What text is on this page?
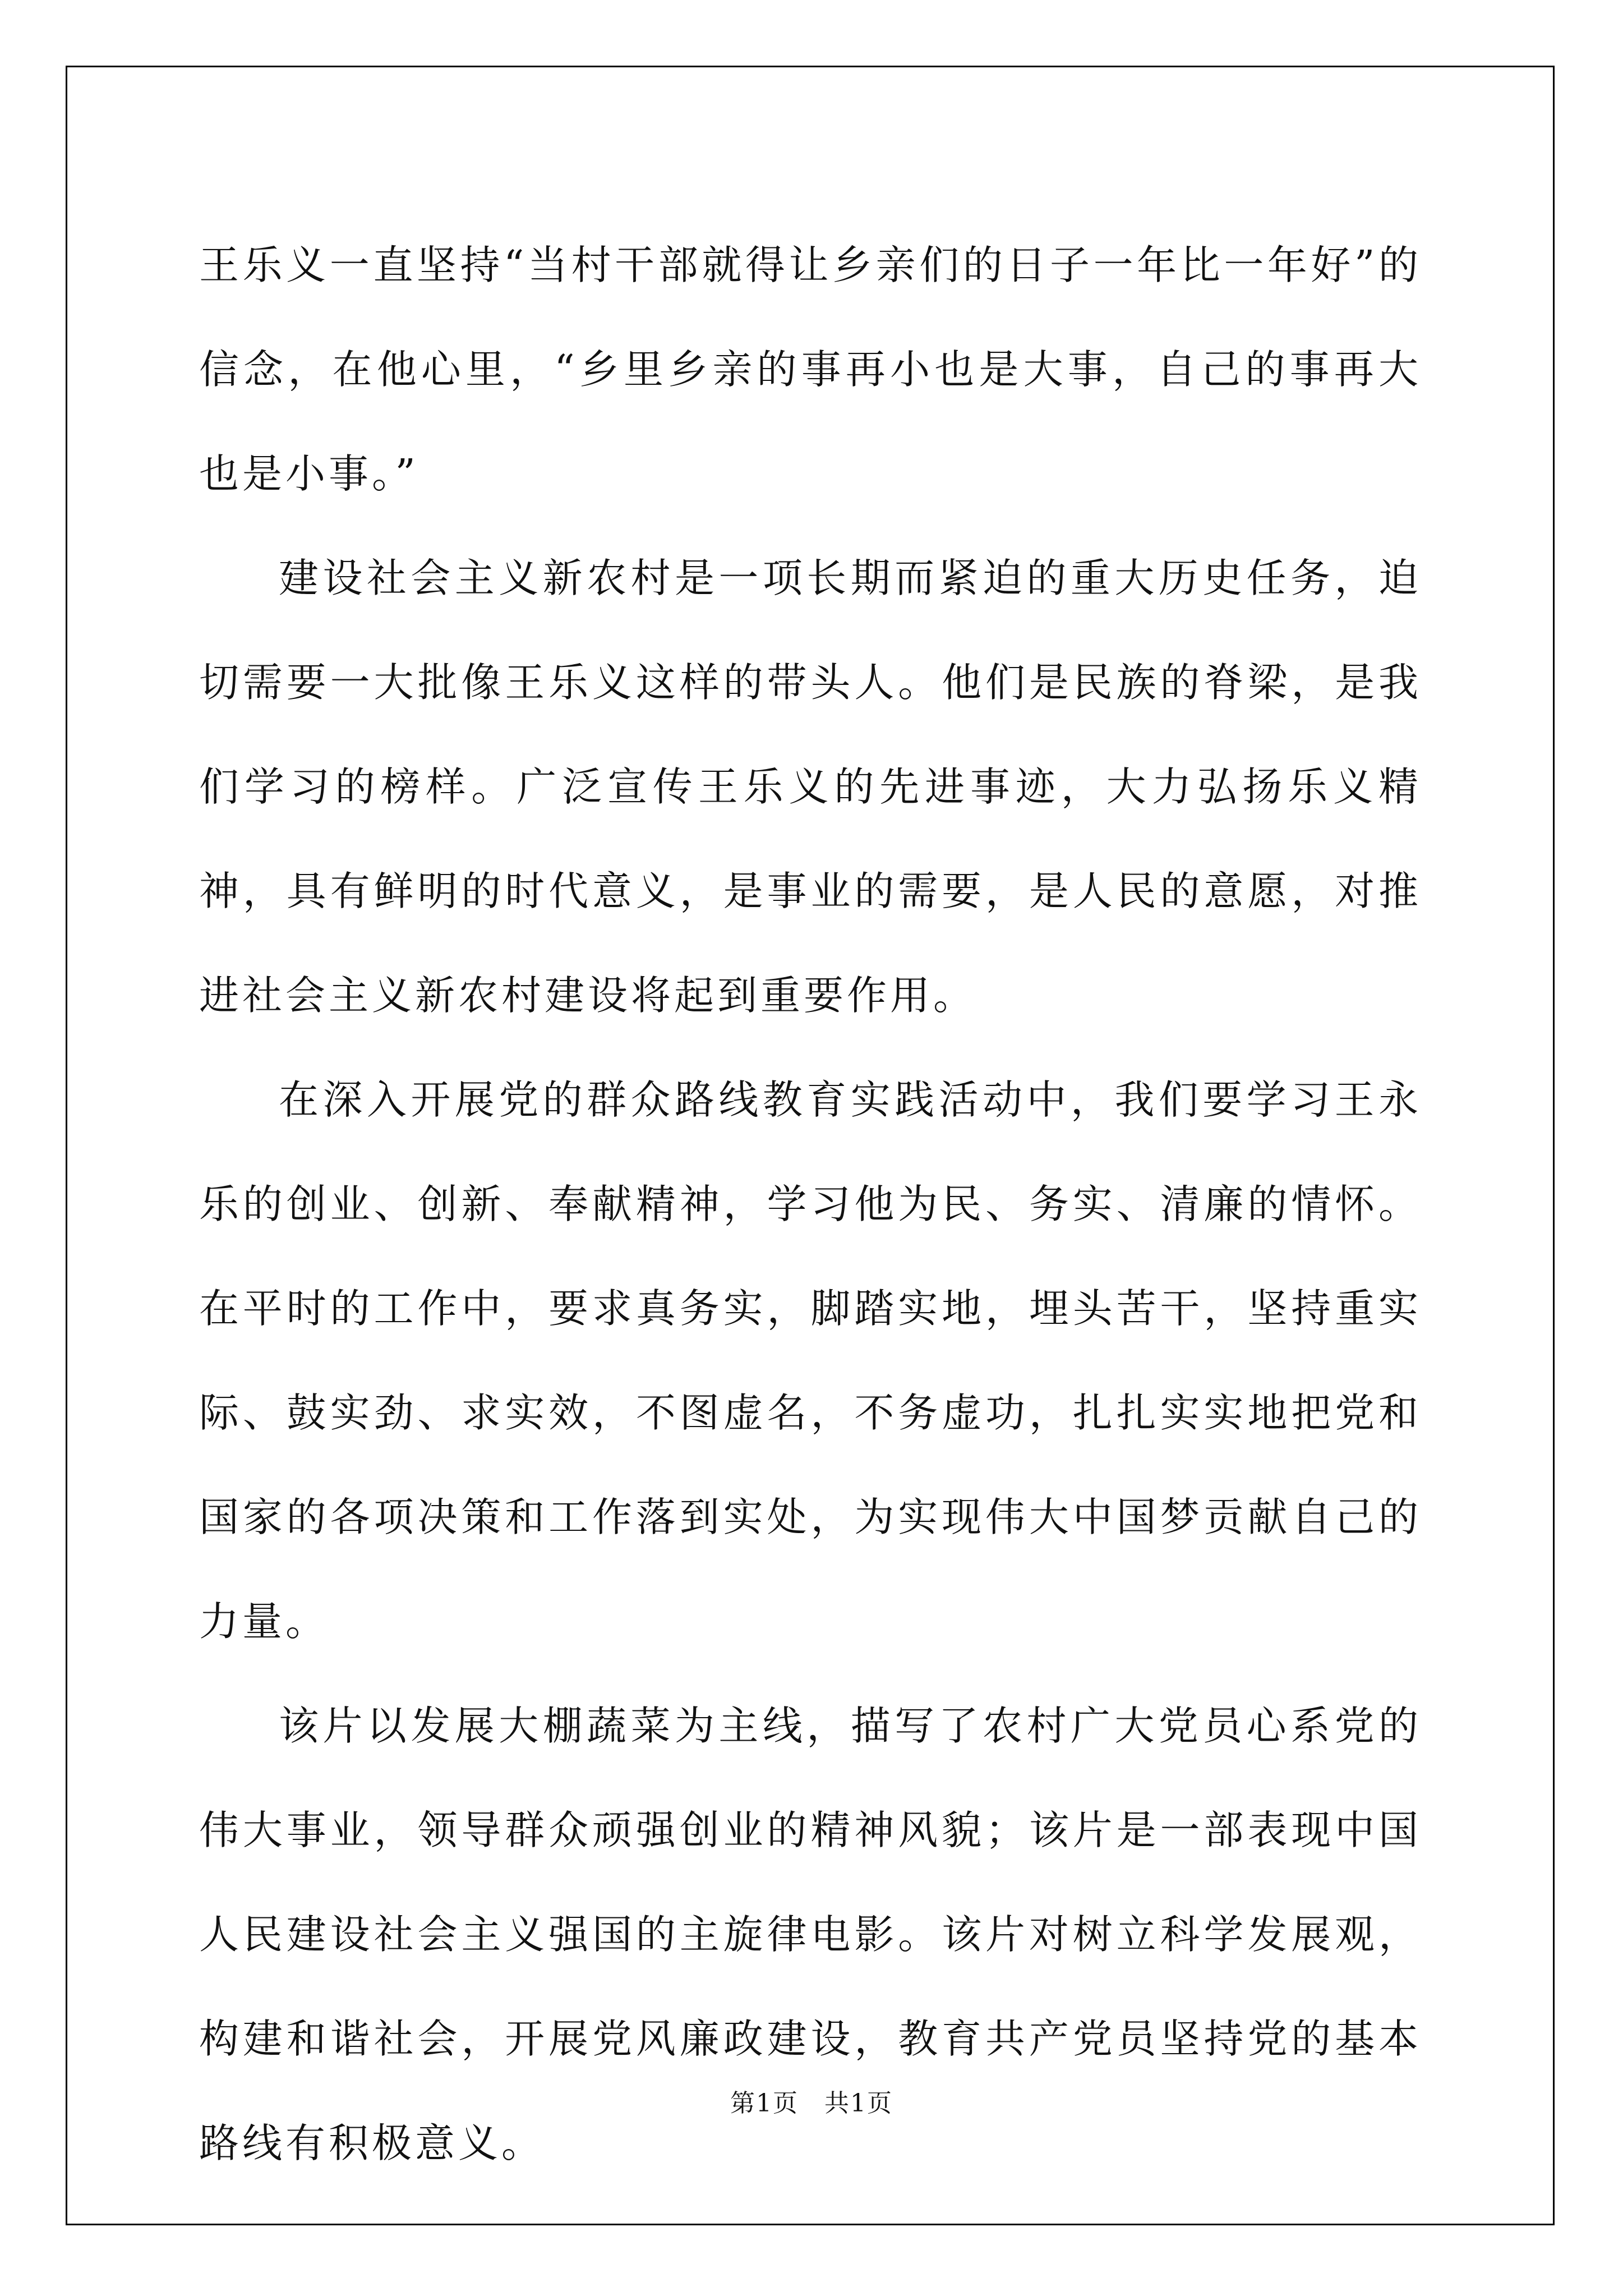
王乐义一直坚持“当村干部就得让乡亲们的日子一年比一年好”的信念，在他心里，“乡里乡亲的事再小也是大事，自己的事再大也是小事。”

建设社会主义新农村是一项长期而紧迫的重大历史任务，迫切需要一大批像王乐义这样的带头人。他们是民族的脊梁，是我们学习的榜样。广泛宣传王乐义的先进事迹，大力弘扬乐义精神，具有鲜明的时代意义，是事业的需要，是人民的意愿，对推进社会主义新农村建设将起到重要作用。

在深入开展党的群众路线教育实践活动中，我们要学习王永乐的创业、创新、奉献精神，学习他为民、务实、清廉的情怀。在平时的工作中，要求真务实，脚踏实地，埋头苦干，坚持重实际、鼓实劲、求实效，不图虚名，不务虚功，扎扎实实地把党和国家的各项决策和工作落到实处，为实现伟大中国梦贡献自己的力量。

该片以发展大棚蔬菜为主线，描写了农村广大党员心系党的伟大事业，领导群众顽强创业的精神风貌；该片是一部表现中国人民建设社会主义强国的主旋律电影。该片对树立科学发展观，构建和谐社会，开展党风廉政建设，教育共产党员坚持党的基本路线有积极意义。

第1页　共1页
